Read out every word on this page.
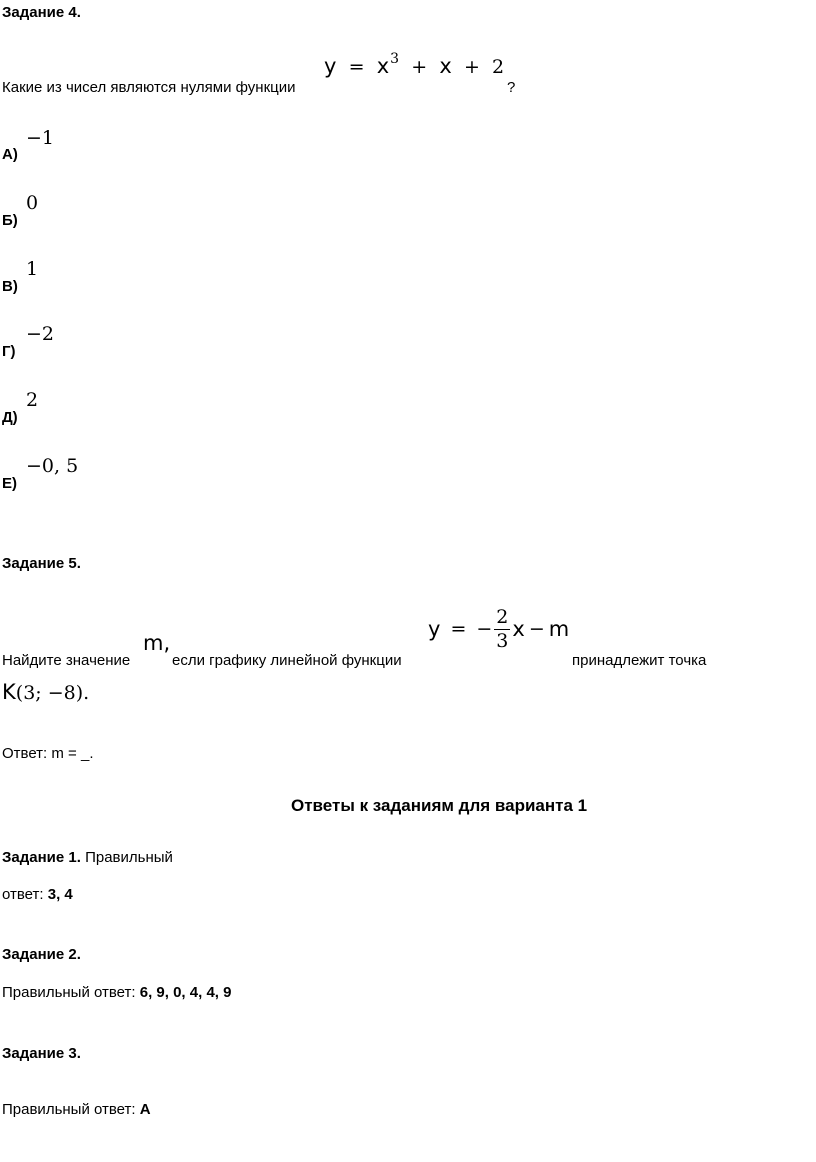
Задание 4.
Какие из чисел являются нулями функции
y = x3 + x + 2
?
А)
−1
Б)
0
В)
1
Г)
−2
Д)
2
Е)
−0, 5
Задание 5.
Найдите значение
m,
если графику линейной функции
y = − $\frac{2}{3}$ x − m
принадлежит точка
K(3; −8).
Ответ: m = _.
Ответы к заданиям для варианта 1
Задание 1. Правильный
ответ: 3, 4
Задание 2.
Правильный ответ: 6, 9, 0, 4, 4, 9
Задание 3.
Правильный ответ: А
